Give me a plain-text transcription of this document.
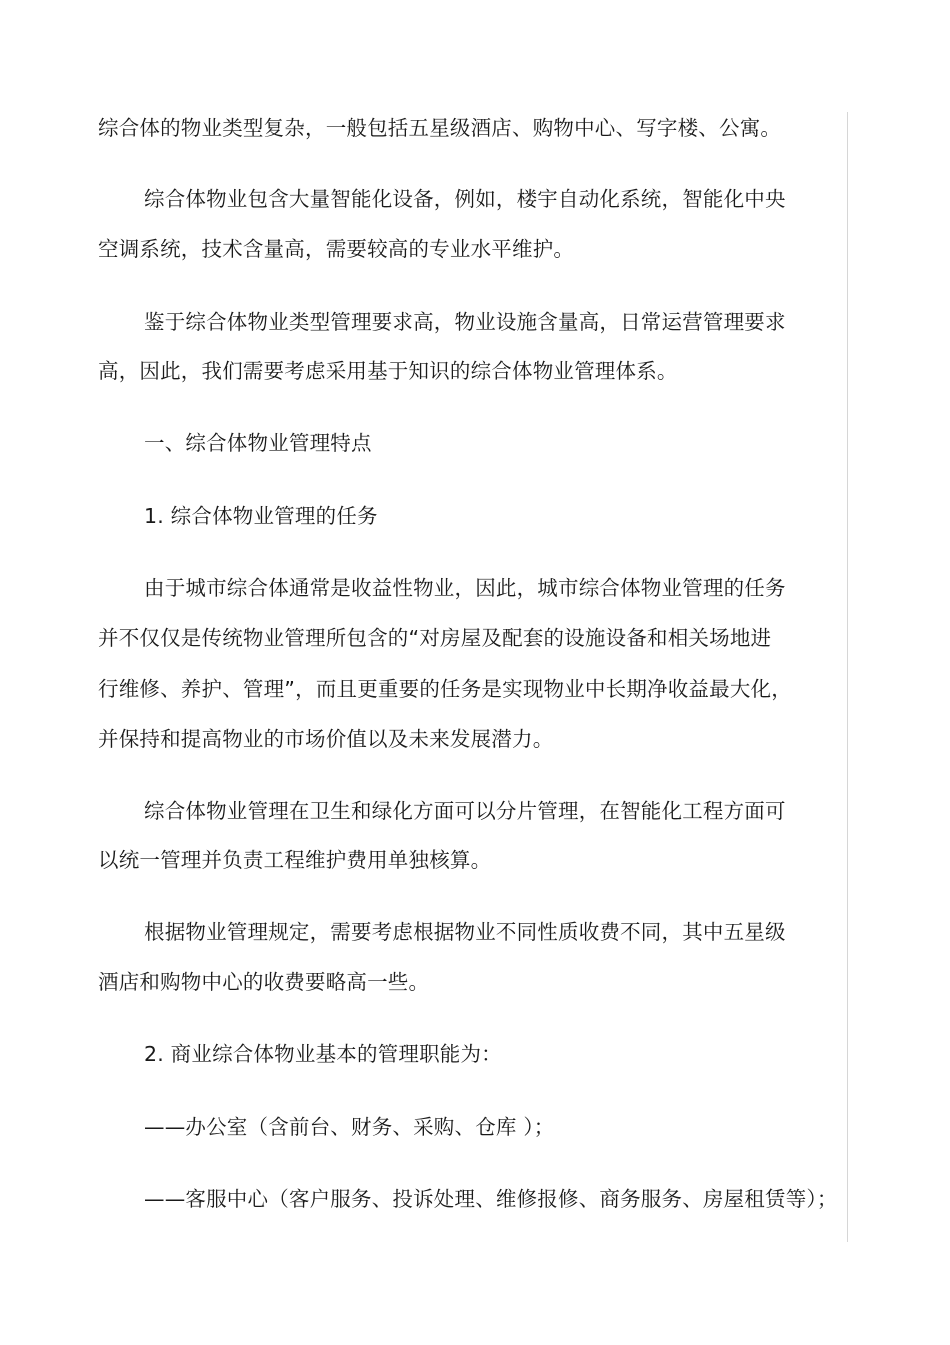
综合体的物业类型复杂，一般包括五星级酒店、购物中心、写字楼、公寓。

综合体物业包含大量智能化设备，例如，楼宇自动化系统，智能化中央

空调系统，技术含量高，需要较高的专业水平维护。

鉴于综合体物业类型管理要求高，物业设施含量高，日常运营管理要求

高，因此，我们需要考虑采用基于知识的综合体物业管理体系。

一、综合体物业管理特点

1. 综合体物业管理的任务

由于城市综合体通常是收益性物业，因此，城市综合体物业管理的任务

并不仅仅是传统物业管理所包含的“对房屋及配套的设施设备和相关场地进

行维修、养护、管理”，而且更重要的任务是实现物业中长期净收益最大化，

并保持和提高物业的市场价值以及未来发展潜力。

综合体物业管理在卫生和绿化方面可以分片管理，在智能化工程方面可

以统一管理并负责工程维护费用单独核算。

根据物业管理规定，需要考虑根据物业不同性质收费不同，其中五星级

酒店和购物中心的收费要略高一些。

2. 商业综合体物业基本的管理职能为：

——办公室（含前台、财务、采购、仓库 ）；

——客服中心（客户服务、投诉处理、维修报修、商务服务、房屋租赁等）；
